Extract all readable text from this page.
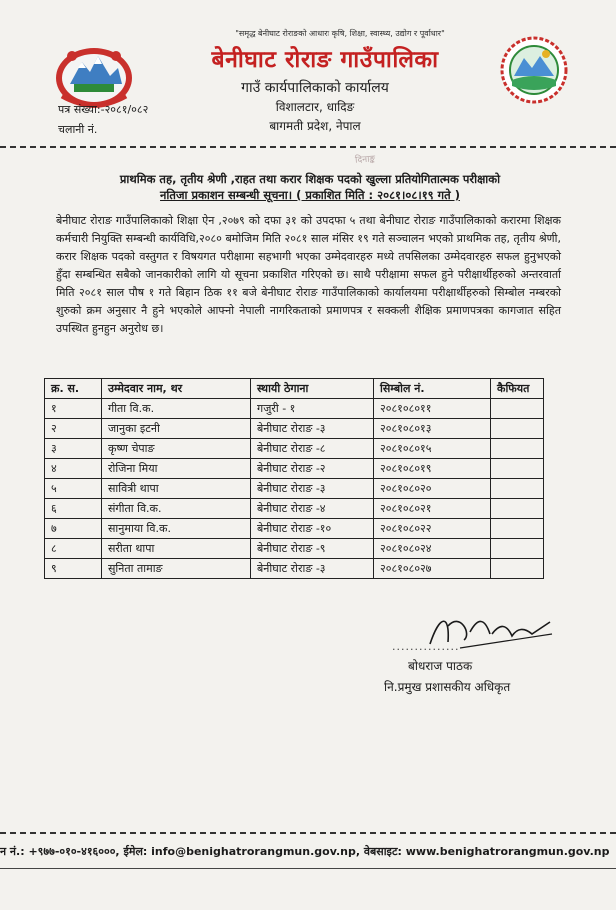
"समृद्ध बेनीघाट रोराङको आधारः कृषि, शिक्षा, स्वास्थ्य, उद्योग र पूर्वाधार"
बेनीघाट रोराङ गाउँपालिका
गाउँ कार्यपालिकाको कार्यालय
विशालटार, धादिङ
बागमती प्रदेश, नेपाल
पत्र संख्या:-२०८१/०८२
चलानी नं.
दिनाङ्क
प्राथमिक तह, तृतीय श्रेणी ,राहत तथा करार शिक्षक पदको खुल्ला प्रतियोगितात्मक परीक्षाको
नतिजा प्रकाशन सम्बन्धी सूचना। ( प्रकाशित मिति : २०८१।०८।१९ गते )
बेनीघाट रोराङ गाउँपालिकाको शिक्षा ऐन ,२०७९ को दफा ३१ को उपदफा ५ तथा बेनीघाट रोराङ गाउँपालिकाको करारमा शिक्षक कर्मचारी नियुक्ति सम्बन्धी कार्यविधि,२०८० बमोजिम मिति २०८१ साल मंसिर १९ गते सञ्चालन भएको प्राथमिक तह, तृतीय श्रेणी, करार शिक्षक पदको वस्तुगत र विषयगत परीक्षामा सहभागी भएका उम्मेदवारहरु मध्ये तपसिलका उम्मेदवारहरु सफल हुनुभएको हुँदा सम्बन्धित सबैको जानकारीको लागि यो सूचना प्रकाशित गरिएको छ। साथै परीक्षामा सफल हुने परीक्षार्थीहरुको अन्तरवार्ता मिति २०८१ साल पौष १ गते बिहान ठिक ११ बजे बेनीघाट रोराङ गाउँपालिकाको कार्यालयमा परीक्षार्थीहरुको सिम्बोल नम्बरको शुरुको क्रम अनुसार नै हुने भएकोले आफ्नो नेपाली नागरिकताको प्रमाणपत्र र सक्कली शैक्षिक प्रमाणपत्रका कागजात सहित उपस्थित हुनहुन अनुरोध छ।
क्र. स.	उम्मेदवार नाम, थर	स्थायी ठेगाना	सिम्बोल नं.	कैफियत
१	गीता वि.क.	गजुरी - १	२०८१०८०११	
२	जानुका इटनी	बेनीघाट रोराङ -३	२०८१०८०१३	
३	कृष्ण चेपाङ	बेनीघाट रोराङ -८	२०८१०८०१५	
४	रोजिना मिया	बेनीघाट रोराङ -२	२०८१०८०१९	
५	सावित्री थापा	बेनीघाट रोराङ -३	२०८१०८०२०	
६	संगीता वि.क.	बेनीघाट रोराङ -४	२०८१०८०२१	
७	सानुमाया वि.क.	बेनीघाट रोराङ -१०	२०८१०८०२२	
८	सरीता थापा	बेनीघाट रोराङ -९	२०८१०८०२४	
९	सुनिता तामाङ	बेनीघाट रोराङ -३	२०८१०८०२७	
...............
बोधराज पाठक
नि.प्रमुख प्रशासकीय अधिकृत
न नं.: +९७७-०१०-४१६०००, ईमेल: info@benighatrorangmun.gov.np, वेबसाइट: www.benighatrorangmun.gov.np
